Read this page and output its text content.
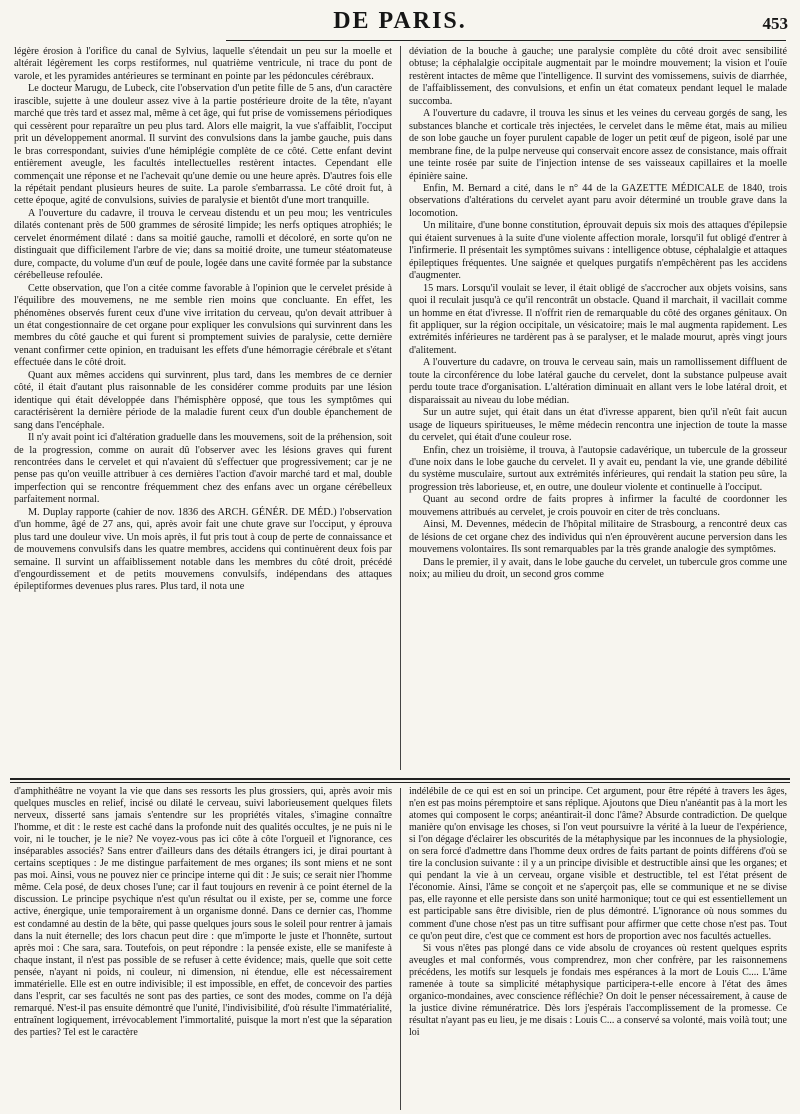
DE PARIS.	453

légère érosion à l'orifice du canal de Sylvius, laquelle s'étendait un peu sur la moelle et altérait légèrement les corps restiformes, nul quatrième ventricule, ni trace du pont de varole, et les pyramides antérieures se terminant en pointe par les pédoncules cérébraux.

Le docteur Marugu, de Lubeck, cite l'observation d'un petite fille de 5 ans, d'un caractère irascible, sujette à une douleur assez vive à la partie postérieure droite de la tête, n'ayant marché que très tard et assez mal, même à cet âge, qui fut prise de vomissemens périodiques qui cessèrent pour reparaître un peu plus tard. Alors elle maigrit, la vue s'affaiblit, l'occiput prit un développement anormal. Il survint des convulsions dans la jambe gauche, puis dans le bras correspondant, suivies d'une hémiplégie complète de ce côté. Cette enfant devint entièrement aveugle, les facultés intellectuelles restèrent intactes. Cependant elle commençait une réponse et ne l'achevait qu'une demie ou une heure après. D'autres fois elle la répétait pendant plusieurs heures de suite. La parole s'embarrassa. Le côté droit fut, à cette époque, agité de convulsions, suivies de paralysie et bientôt d'une mort tranquille.

A l'ouverture du cadavre, il trouva le cerveau distendu et un peu mou; les ventricules dilatés contenant près de 500 grammes de sérosité limpide; les nerfs optiques atrophiés; le cervelet énormément dilaté : dans sa moitié gauche, ramolli et décoloré, en sorte qu'on ne distinguait que difficilement l'arbre de vie; dans sa moitié droite, une tumeur stéatomateuse dure, compacte, du volume d'un œuf de poule, logée dans une cavité formée par la substance cérébelleuse refoulée.

Cette observation, que l'on a citée comme favorable à l'opinion que le cervelet préside à l'équilibre des mouvemens, ne me semble rien moins que concluante. En effet, les phénomènes observés furent ceux d'une vive irritation du cerveau, qu'on devait attribuer à un état congestionnaire de cet organe pour expliquer les convulsions qui survinrent dans les membres du côté gauche et qui furent si promptement suivies de paralysie, cette dernière venant confirmer cette opinion, en traduisant les effets d'une hémorragie cérébrale et s'étant effectuée dans le côté droit.

Quant aux mêmes accidens qui survinrent, plus tard, dans les membres de ce dernier côté, il était d'autant plus raisonnable de les considérer comme produits par une lésion identique qui était développée dans l'hémisphère opposé, que tous les symptômes qui caractérisèrent la dernière période de la maladie furent ceux d'un double épanchement de sang dans l'encéphale.

Il n'y avait point ici d'altération graduelle dans les mouvemens, soit de la préhension, soit de la progression, comme on aurait dû l'observer avec les lésions graves qui furent rencontrées dans le cervelet et qui n'avaient dû s'effectuer que progressivement; car je ne pense pas qu'on veuille attribuer à ces dernières l'action d'avoir marché tard et mal, double imperfection qui se rencontre fréquemment chez des enfans avec un organe cérébelleux parfaitement normal.

M. Duplay rapporte (cahier de nov. 1836 des ARCH. GÉNÉR. DE MÉD.) l'observation d'un homme, âgé de 27 ans, qui, après avoir fait une chute grave sur l'occiput, y éprouva plus tard une douleur vive. Un mois après, il fut pris tout à coup de perte de connaissance et de mouvemens convulsifs dans les quatre membres, accidens qui continuèrent deux fois par semaine. Il survint un affaiblissement notable dans les membres du côté droit, précédé d'engourdissement et de petits mouvemens convulsifs, indépendans des attaques épileptiformes devenues plus rares. Plus tard, il nota une

déviation de la bouche à gauche; une paralysie complète du côté droit avec sensibilité obtuse; la céphalalgie occipitale augmentait par le moindre mouvement; la vision et l'ouïe restèrent intactes de même que l'intelligence. Il survint des vomissemens, suivis de diarrhée, de l'affaiblissement, des convulsions, et enfin un état comateux pendant lequel le malade succomba.

A l'ouverture du cadavre, il trouva les sinus et les veines du cerveau gorgés de sang, les substances blanche et corticale très injectées, le cervelet dans le même état, mais au milieu de son lobe gauche un foyer purulent capable de loger un petit œuf de pigeon, isolé par une membrane fine, de la pulpe nerveuse qui conservait encore assez de consistance, mais offrait une teinte rosée par suite de l'injection intense de ses vaisseaux capillaires et la moelle épinière saine.

Enfin, M. Bernard a cité, dans le n° 44 de la GAZETTE MÉDICALE de 1840, trois observations d'altérations du cervelet ayant paru avoir déterminé un trouble grave dans la locomotion.

Un militaire, d'une bonne constitution, éprouvait depuis six mois des attaques d'épilepsie qui étaient survenues à la suite d'une violente affection morale, lorsqu'il fut obligé d'entrer à l'infirmerie. Il présentait les symptômes suivans : intelligence obtuse, céphalalgie et attaques épileptiques fréquentes. Une saignée et quelques purgatifs n'empêchèrent pas les accidens d'augmenter.

15 mars. Lorsqu'il voulait se lever, il était obligé de s'accrocher aux objets voisins, sans quoi il reculait jusqu'à ce qu'il rencontrât un obstacle. Quand il marchait, il vacillait comme un homme en état d'ivresse. Il n'offrit rien de remarquable du côté des organes génitaux. On fit appliquer, sur la région occipitale, un vésicatoire; mais le mal augmenta rapidement. Les extrémités inférieures ne tardèrent pas à se paralyser, et le malade mourut, après vingt jours d'alitement.

A l'ouverture du cadavre, on trouva le cerveau sain, mais un ramollissement diffluent de toute la circonférence du lobe latéral gauche du cervelet, dont la substance pulpeuse avait perdu toute trace d'organisation. L'altération diminuait en allant vers le lobe latéral droit, et disparaissait au niveau du lobe médian.

Sur un autre sujet, qui était dans un état d'ivresse apparent, bien qu'il n'eût fait aucun usage de liqueurs spiritueuses, le même médecin rencontra une injection de toute la masse du cervelet, qui était d'une couleur rose.

Enfin, chez un troisième, il trouva, à l'autopsie cadavérique, un tubercule de la grosseur d'une noix dans le lobe gauche du cervelet. Il y avait eu, pendant la vie, une grande débilité du système musculaire, surtout aux extrémités inférieures, qui rendait la station peu sûre, la progression très laborieuse, et, en outre, une douleur violente et continuelle à l'occiput.

Quant au second ordre de faits propres à infirmer la faculté de coordonner les mouvemens attribués au cervelet, je crois pouvoir en citer de très concluans.

Ainsi, M. Devennes, médecin de l'hôpital militaire de Strasbourg, a rencontré deux cas de lésions de cet organe chez des individus qui n'en éprouvèrent aucune perversion dans les mouvemens volontaires. Ils sont remarquables par la très grande analogie des symptômes.

Dans le premier, il y avait, dans le lobe gauche du cervelet, un tubercule gros comme une noix; au milieu du droit, un second gros comme

d'amphithéâtre ne voyant la vie que dans ses ressorts les plus grossiers, qui, après avoir mis quelques muscles en relief, incisé ou dilaté le cerveau, suivi laborieusement quelques filets nerveux, disserté sans jamais s'entendre sur les propriétés vitales, s'imagine connaître l'homme, et dit : le reste est caché dans la profonde nuit des qualités occultes, je ne puis ni le voir, ni le toucher, je le nie? Ne voyez-vous pas ici côte à côte l'orgueil et l'ignorance, ces inséparables associés? Sans entrer d'ailleurs dans des détails étrangers ici, je dirai pourtant à certains sceptiques : Je me distingue parfaitement de mes organes; ils sont miens et ne sont pas moi. Ainsi, vous ne pouvez nier ce principe interne qui dit : Je suis; ce serait nier l'homme même. Cela posé, de deux choses l'une; car il faut toujours en revenir à ce point éternel de la discussion. Le principe psychique n'est qu'un résultat ou il existe, per se, comme une force active, énergique, unie temporairement à un organisme donné. Dans ce dernier cas, l'homme est condamné au destin de la bête, qui passe quelques jours sous le soleil pour rentrer à jamais dans la nuit éternelle; des lors chacun peut dire : que m'importe le juste et l'honnête, surtout après moi : Che sara, sara. Toutefois, on peut répondre : la pensée existe, elle se manifeste à chaque instant, il n'est pas possible de se refuser à cette évidence; mais, quelle que soit cette pensée, n'ayant ni poids, ni couleur, ni dimension, ni étendue, elle est nécessairement immatérielle. Elle est en outre indivisible; il est impossible, en effet, de concevoir des parties dans l'esprit, car ses facultés ne sont pas des parties, ce sont des modes, comme on l'a déjà remarqué. N'est-il pas ensuite démontré que l'unité, l'indivisibilité, d'où résulte l'immatérialité, entraînent logiquement, irrévocablement l'immortalité, puisque la mort n'est que la séparation des parties? Tel est le caractère

indélébile de ce qui est en soi un principe. Cet argument, pour être répété à travers les âges, n'en est pas moins péremptoire et sans réplique. Ajoutons que Dieu n'anéantit pas à la mort les atomes qui composent le corps; anéantirait-il donc l'âme? Absurde contradiction. De quelque manière qu'on envisage les choses, si l'on veut poursuivre la vérité à la lueur de l'expérience, si l'on dégage d'éclairer les obscurités de la métaphysique par les inconnues de la physiologie, on sera forcé d'admettre dans l'homme deux ordres de faits partant de points différens d'où se tire la conclusion suivante : il y a un principe divisible et destructible ainsi que les organes; et qui pendant la vie à un cerveau, organe visible et destructible, tel est l'état présent de l'économie. Ainsi, l'âme se conçoit et ne s'aperçoit pas, elle se communique et ne se divise pas, elle rayonne et elle persiste dans son unité harmonique; tout ce qui est essentiellement un est participable sans être divisible, rien de plus démontré. L'ignorance où nous sommes du comment d'une chose n'est pas un titre suffisant pour affirmer que cette chose n'est pas. Tout ce qu'on peut dire, c'est que ce comment est hors de proportion avec nos facultés actuelles.

Si vous n'êtes pas plongé dans ce vide absolu de croyances où restent quelques esprits aveugles et mal conformés, vous comprendrez, mon cher confrère, par les raisonnemens précédens, les motifs sur lesquels je fondais mes espérances à la mort de Louis C.... L'âme ramenée à toute sa simplicité métaphysique participera-t-elle encore à l'état des âmes organico-mondaines, avec conscience réfléchie? On doit le penser nécessairement, à cause de la justice divine rémunératrice. Dès lors j'espérais l'accomplissement de la promesse. Ce résultat n'ayant pas eu lieu, je me disais : Louis C... a conservé sa volonté, mais voilà tout; une loi
